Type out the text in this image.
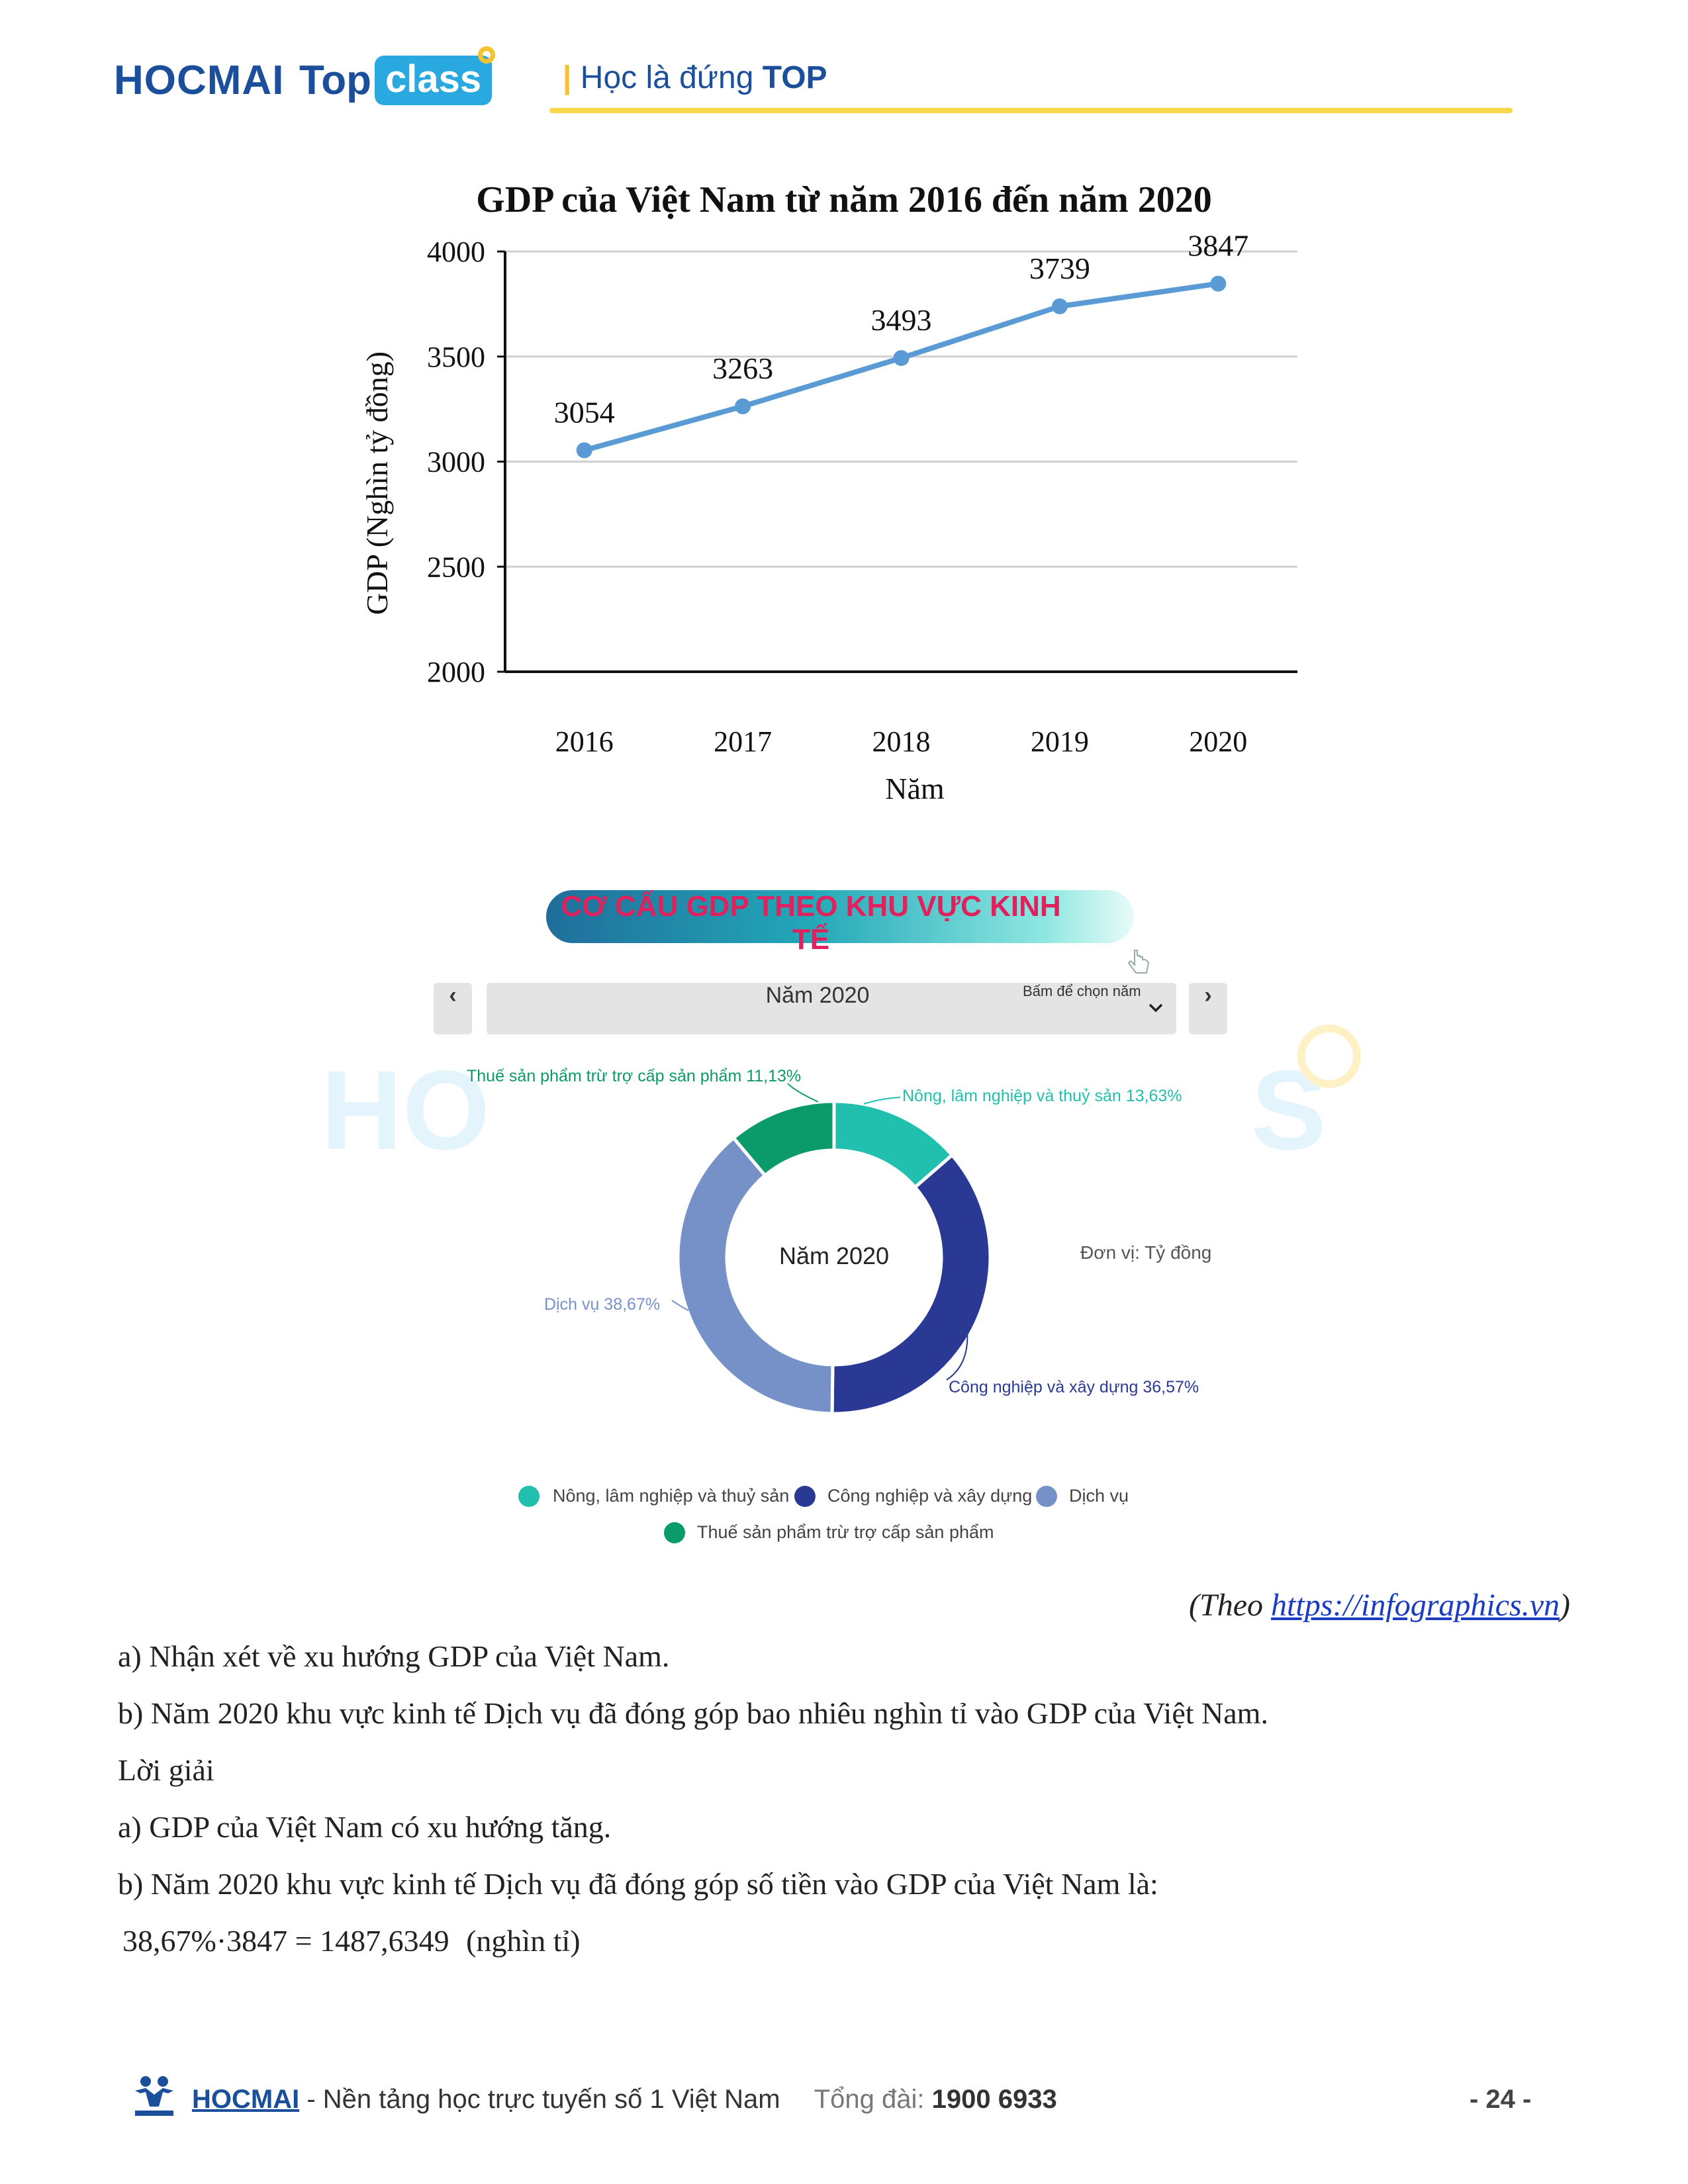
HOCMAI Top class	| Học là đứng TOP
GDP của Việt Nam từ năm 2016 đến năm 2020
2000
2500
3000
3500
4000
2016	2017	2018	2019	2020
3054
3263
3493
3739
3847
GDP (Nghìn tỷ đồng)
Năm
CƠ CẤU GDP THEO KHU VỰC KINH TẾ
HO	S
‹	Năm 2020	Bấm để chọn năm	›
Năm 2020
Thuế sản phẩm trừ trợ cấp sản phẩm 11,13%
Nông, lâm nghiệp và thuỷ sản 13,63%
Dịch vụ 38,67%
Công nghiệp và xây dựng 36,57%
Đơn vị: Tỷ đồng
Nông, lâm nghiệp và thuỷ sản Công nghiệp và xây dựng Dịch vụ
Thuế sản phẩm trừ trợ cấp sản phẩm
(Theo https://infographics.vn)
a) Nhận xét về xu hướng GDP của Việt Nam.
b) Năm 2020 khu vực kinh tế Dịch vụ đã đóng góp bao nhiêu nghìn tỉ vào GDP của Việt Nam.
Lời giải
a) GDP của Việt Nam có xu hướng tăng.
b) Năm 2020 khu vực kinh tế Dịch vụ đã đóng góp số tiền vào GDP của Việt Nam là:
38,67%·3847 = 1487,6349 (nghìn tỉ)
HOCMAI - Nền tảng học trực tuyến số 1 Việt Nam Tổng đài: 1900 6933	- 24 -
